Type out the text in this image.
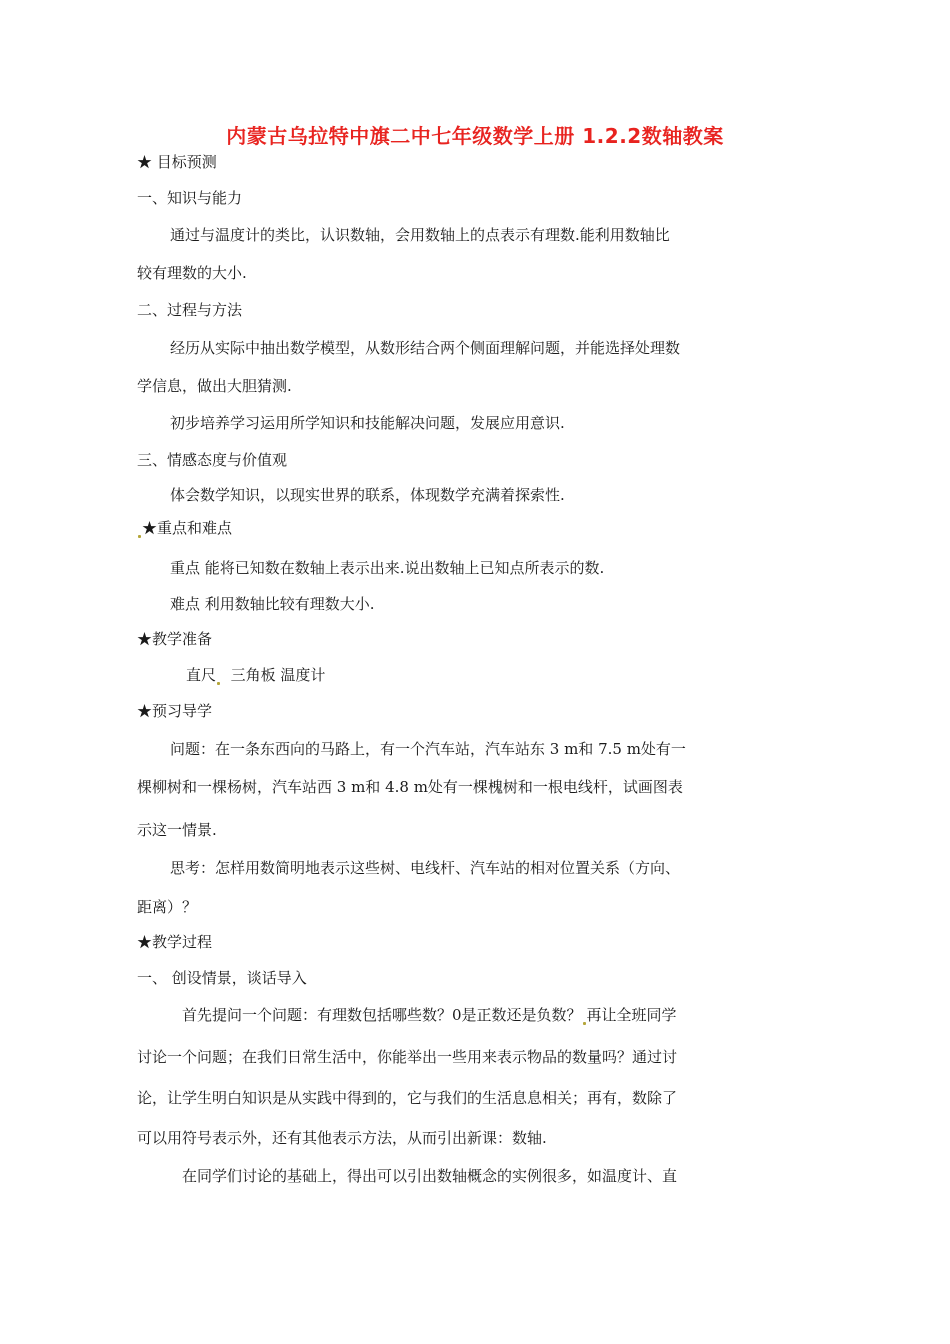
内蒙古乌拉特中旗二中七年级数学上册 1.2.2数轴教案
★ 目标预测
一、知识与能力
通过与温度计的类比，认识数轴，会用数轴上的点表示有理数.能利用数轴比
较有理数的大小.
二、过程与方法
经历从实际中抽出数学模型，从数形结合两个侧面理解问题，并能选择处理数
学信息，做出大胆猜测.
初步培养学习运用所学知识和技能解决问题，发展应用意识.
三、情感态度与价值观
体会数学知识，以现实世界的联系，体现数学充满着探索性.
★重点和难点
重点 能将已知数在数轴上表示出来.说出数轴上已知点所表示的数.
难点 利用数轴比较有理数大小.
★教学准备
直尺 三角板 温度计
★预习导学
问题：在一条东西向的马路上，有一个汽车站，汽车站东 3 m和 7.5 m处有一
棵柳树和一棵杨树，汽车站西 3 m和 4.8 m处有一棵槐树和一根电线杆，试画图表
示这一情景.
思考：怎样用数简明地表示这些树、电线杆、汽车站的相对位置关系（方向、
距离）？
★教学过程
一、 创设情景，谈话导入
首先提问一个问题：有理数包括哪些数？0是正数还是负数？ 再让全班同学
讨论一个问题；在我们日常生活中，你能举出一些用来表示物品的数量吗？通过讨
论，让学生明白知识是从实践中得到的，它与我们的生活息息相关；再有，数除了
可以用符号表示外，还有其他表示方法，从而引出新课：数轴.
在同学们讨论的基础上，得出可以引出数轴概念的实例很多，如温度计、直
